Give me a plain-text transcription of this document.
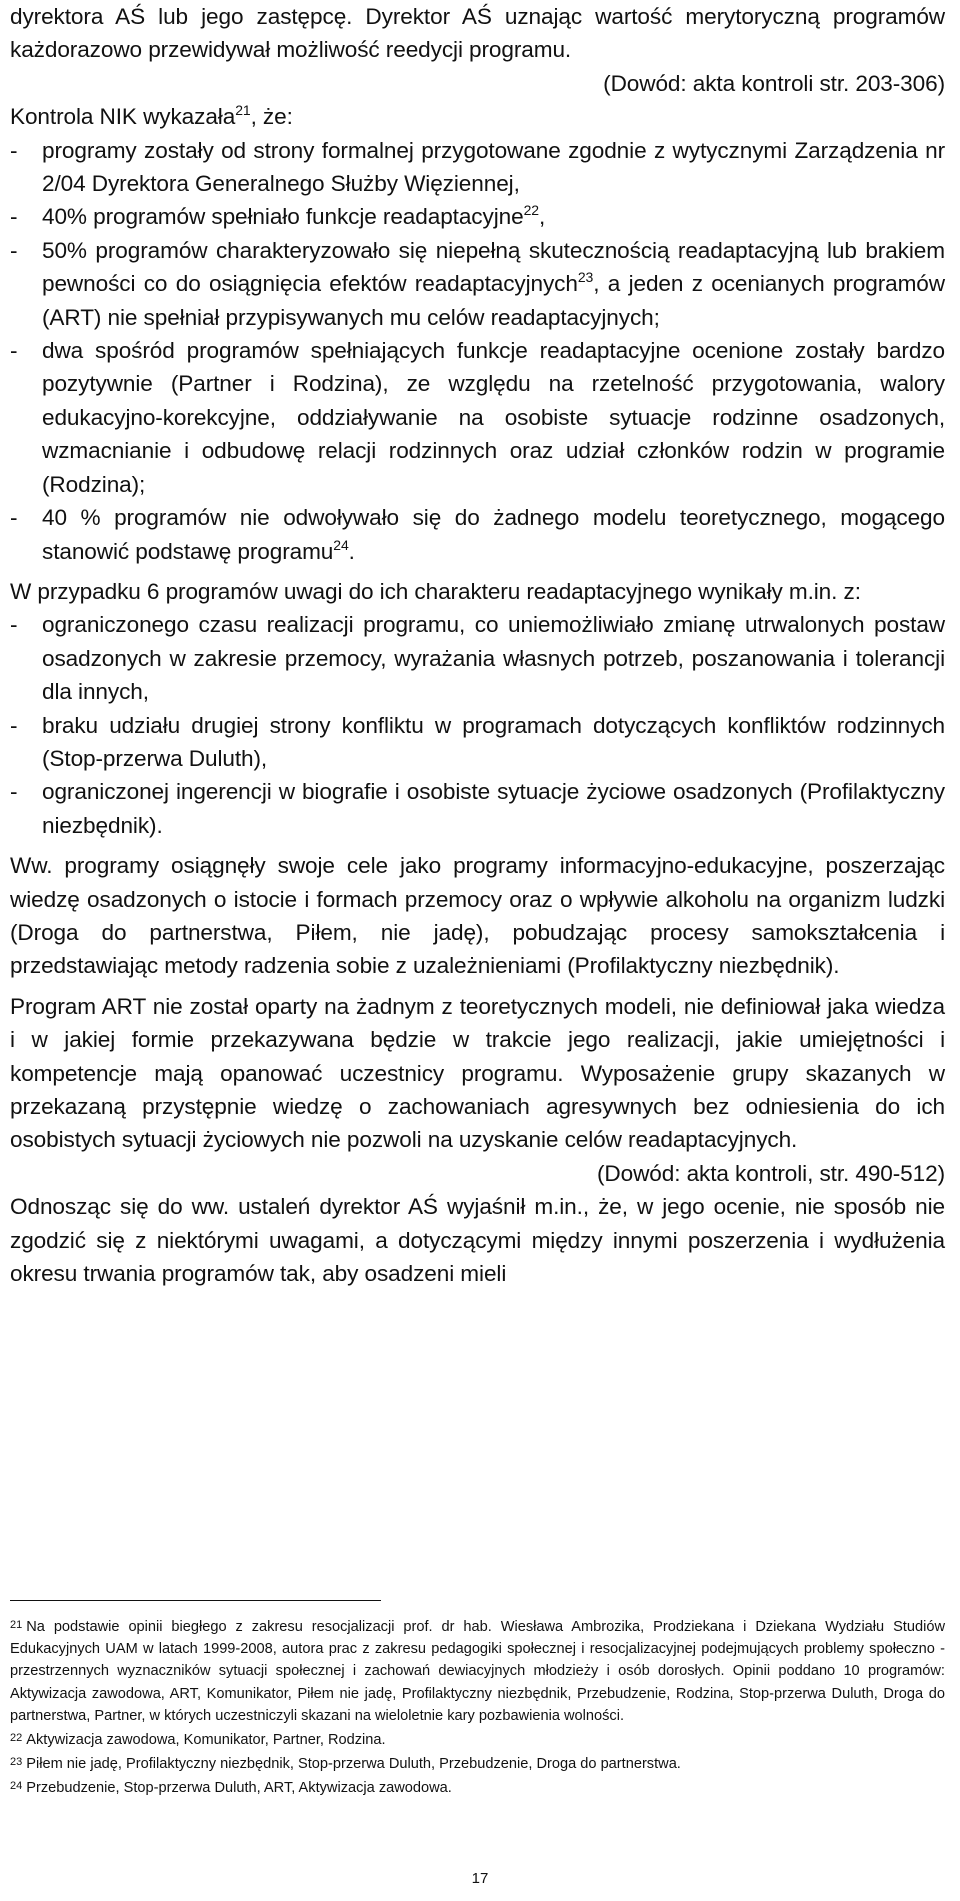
dyrektora AŚ lub jego zastępcę. Dyrektor AŚ uznając wartość merytoryczną programów każdorazowo przewidywał możliwość reedycji programu.

(Dowód: akta kontroli str. 203-306)

Kontrola NIK wykazała$^{21}$, że:

- programy zostały od strony formalnej przygotowane zgodnie z wytycznymi Zarządzenia nr 2/04 Dyrektora Generalnego Służby Więziennej,
- 40% programów spełniało funkcje readaptacyjne$^{22}$,
- 50% programów charakteryzowało się niepełną skutecznością readaptacyjną lub brakiem pewności co do osiągnięcia efektów readaptacyjnych$^{23}$, a jeden z ocenianych programów (ART) nie spełniał przypisywanych mu celów readaptacyjnych;
- dwa spośród programów spełniających funkcje readaptacyjne ocenione zostały bardzo pozytywnie (Partner i Rodzina), ze względu na rzetelność przygotowania, walory edukacyjno-korekcyjne, oddziaływanie na osobiste sytuacje rodzinne osadzonych, wzmacnianie i odbudowę relacji rodzinnych oraz udział członków rodzin w programie (Rodzina);
- 40 % programów nie odwoływało się do żadnego modelu teoretycznego, mogącego stanowić podstawę programu$^{24}$.

W przypadku 6 programów uwagi do ich charakteru readaptacyjnego wynikały m.in. z:

- ograniczonego czasu realizacji programu, co uniemożliwiało zmianę utrwalonych postaw osadzonych w zakresie przemocy, wyrażania własnych potrzeb, poszanowania i tolerancji dla innych,
- braku udziału drugiej strony konfliktu w programach dotyczących konfliktów rodzinnych (Stop-przerwa Duluth),
- ograniczonej ingerencji w biografie i osobiste sytuacje życiowe osadzonych (Profilaktyczny niezbędnik).

Ww. programy osiągnęły swoje cele jako programy informacyjno-edukacyjne, poszerzając wiedzę osadzonych o istocie i formach przemocy oraz o wpływie alkoholu na organizm ludzki (Droga do partnerstwa, Piłem, nie jadę), pobudzając procesy samokształcenia i przedstawiając metody radzenia sobie z uzależnieniami (Profilaktyczny niezbędnik).

Program ART nie został oparty na żadnym z teoretycznych modeli, nie definiował jaka wiedza i w jakiej formie przekazywana będzie w trakcie jego realizacji, jakie umiejętności i kompetencje mają opanować uczestnicy programu. Wyposażenie grupy skazanych w przekazaną przystępnie wiedzę o zachowaniach agresywnych bez odniesienia do ich osobistych sytuacji życiowych nie pozwoli na uzyskanie celów readaptacyjnych.

(Dowód: akta kontroli, str. 490-512)

Odnosząc się do ww. ustaleń dyrektor AŚ wyjaśnił m.in., że, w jego ocenie, nie sposób nie zgodzić się z niektórymi uwagami, a dotyczącymi między innymi poszerzenia i wydłużenia okresu trwania programów tak, aby osadzeni mieli

$^{21}$ Na podstawie opinii biegłego z zakresu resocjalizacji prof. dr hab. Wiesława Ambrozika, Prodziekana i Dziekana Wydziału Studiów Edukacyjnych UAM w latach 1999-2008, autora prac z zakresu pedagogiki społecznej i resocjalizacyjnej podejmujących problemy społeczno - przestrzennych wyznaczników sytuacji społecznej i zachowań dewiacyjnych młodzieży i osób dorosłych. Opinii poddano 10 programów: Aktywizacja zawodowa, ART, Komunikator, Piłem nie jadę, Profilaktyczny niezbędnik, Przebudzenie, Rodzina, Stop-przerwa Duluth, Droga do partnerstwa, Partner, w których uczestniczyli skazani na wieloletnie kary pozbawienia wolności.

$^{22}$ Aktywizacja zawodowa, Komunikator, Partner, Rodzina.

$^{23}$ Piłem nie jadę, Profilaktyczny niezbędnik, Stop-przerwa Duluth, Przebudzenie, Droga do partnerstwa.

$^{24}$ Przebudzenie, Stop-przerwa Duluth, ART, Aktywizacja zawodowa.

17
